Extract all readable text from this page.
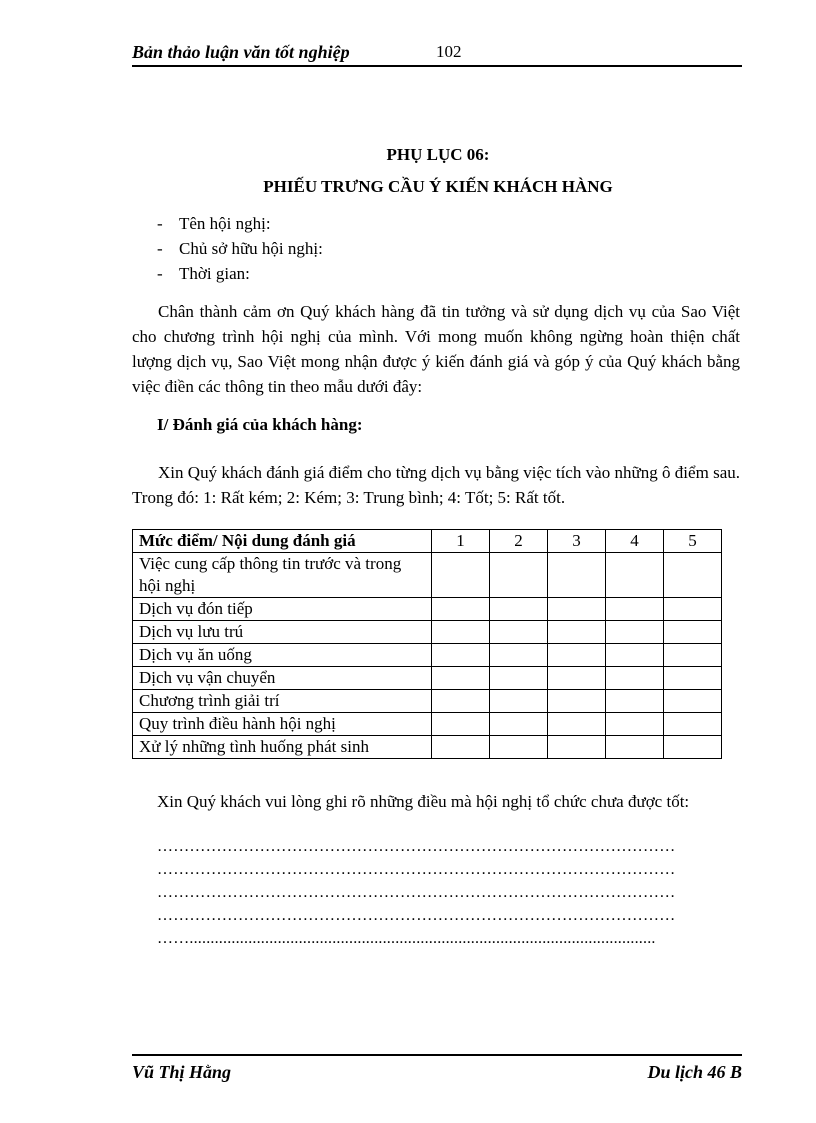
Bản thảo luận văn tốt nghiệp	102
PHỤ LỤC 06:
PHIẾU TRƯNG CẦU Ý KIẾN KHÁCH HÀNG
- Tên hội nghị:
- Chủ sở hữu hội nghị:
- Thời gian:

Chân thành cảm ơn Quý khách hàng đã tin tưởng và sử dụng dịch vụ của Sao Việt cho chương trình hội nghị của mình. Với mong muốn không ngừng hoàn thiện chất lượng dịch vụ, Sao Việt mong nhận được ý kiến đánh giá và góp ý của Quý khách bằng việc điền các thông tin theo mẫu dưới đây:

I/ Đánh giá của khách hàng:

Xin Quý khách đánh giá điểm cho từng dịch vụ bằng việc tích vào những ô điểm sau. Trong đó: 1: Rất kém; 2: Kém; 3: Trung bình; 4: Tốt; 5: Rất tốt.

Mức điểm/ Nội dung đánh giá	1	2	3	4	5
Việc cung cấp thông tin trước và trong hội nghị					
Dịch vụ đón tiếp					
Dịch vụ lưu trú					
Dịch vụ ăn uống					
Dịch vụ vận chuyển					
Chương trình giải trí					
Quy trình điều hành hội nghị					
Xử lý những tình huống phát sinh					
Xin Quý khách vui lòng ghi rõ những điều mà hội nghị tổ chức chưa được tốt:
……………………………………………………………………………………
……………………………………………………………………………………
……………………………………………………………………………………
……………………………………………………………………………………
……...............................................................................................................
Vũ Thị Hằng	Du lịch 46 B
